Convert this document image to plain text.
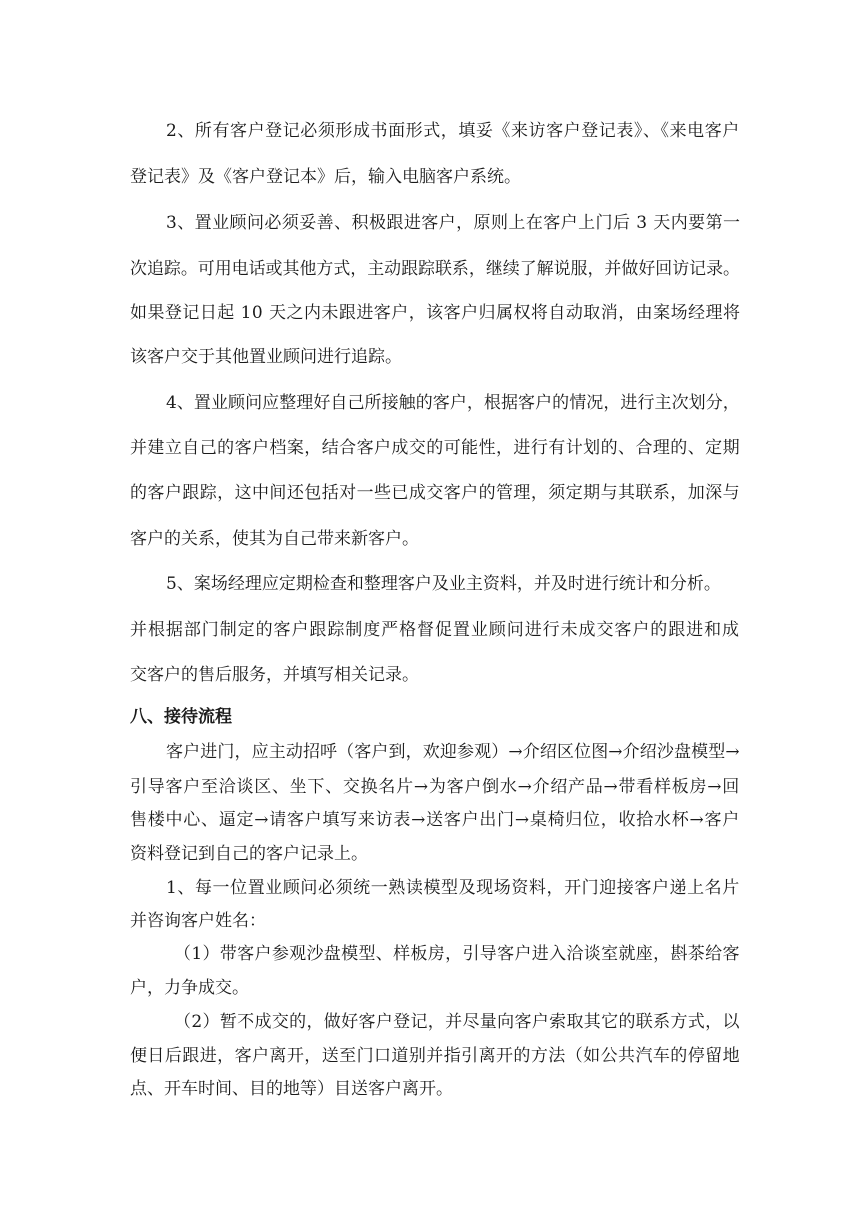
2、所有客户登记必须形成书面形式，填妥《来访客户登记表》、《来电客户
登记表》及《客户登记本》后，输入电脑客户系统。
3、置业顾问必须妥善、积极跟进客户，原则上在客户上门后 3 天内要第一
次追踪。可用电话或其他方式，主动跟踪联系，继续了解说服，并做好回访记录。
如果登记日起 10 天之内未跟进客户，该客户归属权将自动取消，由案场经理将
该客户交于其他置业顾问进行追踪。
4、置业顾问应整理好自己所接触的客户，根据客户的情况，进行主次划分，
并建立自己的客户档案，结合客户成交的可能性，进行有计划的、合理的、定期
的客户跟踪，这中间还包括对一些已成交客户的管理，须定期与其联系，加深与
客户的关系，使其为自己带来新客户。
5、案场经理应定期检查和整理客户及业主资料，并及时进行统计和分析。
并根据部门制定的客户跟踪制度严格督促置业顾问进行未成交客户的跟进和成
交客户的售后服务，并填写相关记录。
八、接待流程
客户进门，应主动招呼（客户到，欢迎参观）→介绍区位图→介绍沙盘模型→
引导客户至洽谈区、坐下、交换名片→为客户倒水→介绍产品→带看样板房→回
售楼中心、逼定→请客户填写来访表→送客户出门→桌椅归位，收拾水杯→客户
资料登记到自己的客户记录上。
1、每一位置业顾问必须统一熟读模型及现场资料，开门迎接客户递上名片
并咨询客户姓名：
（1）带客户参观沙盘模型、样板房，引导客户进入洽谈室就座，斟茶给客
户，力争成交。
（2）暂不成交的，做好客户登记，并尽量向客户索取其它的联系方式，以
便日后跟进，客户离开，送至门口道别并指引离开的方法（如公共汽车的停留地
点、开车时间、目的地等）目送客户离开。
